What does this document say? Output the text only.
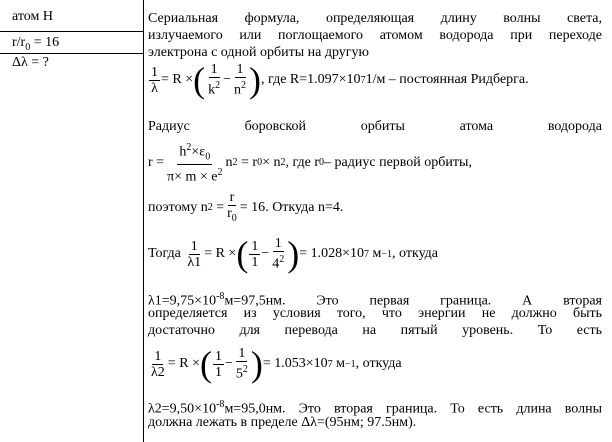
атом Н
$r/r_0 = 16$
Δλ = ?
Сериальная формула, определяющая длину волны света,
излучаемого или поглощаемого атомом водорода при переходе
электрона с одной орбиты на другую
$\frac{1}{\lambda} = R$ × ( $\frac{1}{k^2} - \frac{1}{n^2}$ ) , где R=1.097×10 7 1/м – постоянная Ридберга.
Радиус	боровской	орбиты	атома	водорода
$r = \frac{h^2\times\varepsilon_0}{\pi\times m \times e^2}$ n 2
= r 0 × n 2 , где r 0 – радиус первой орбиты,
поэтому
n $2 = \frac{r}{r_0} = 16$ . Откуда n=4.
Тогда
$\frac{1}{\lambda 1} = R$ × ( $\frac{1}{1} - \frac{1}{4^2}$ ) = 1.028×10 7
м −1 , откуда
$\lambda 1=9,75\times 10^{-8}м=97,5нм$. Это первая граница. А вторая
определяется из условия того, что энергии не должно быть
достаточно для перевода на пятый уровень. То есть
$\frac{1}{\lambda 2} = R$ × ( $\frac{1}{1} - \frac{1}{5^2}$ ) = 1.053×10 7
м −1 , откуда
$\lambda 2=9,50\times 10^{-8}м=95,0нм$. Это вторая граница. То есть длина волны
должна лежать в пределе Δλ=(95нм; 97.5нм).
